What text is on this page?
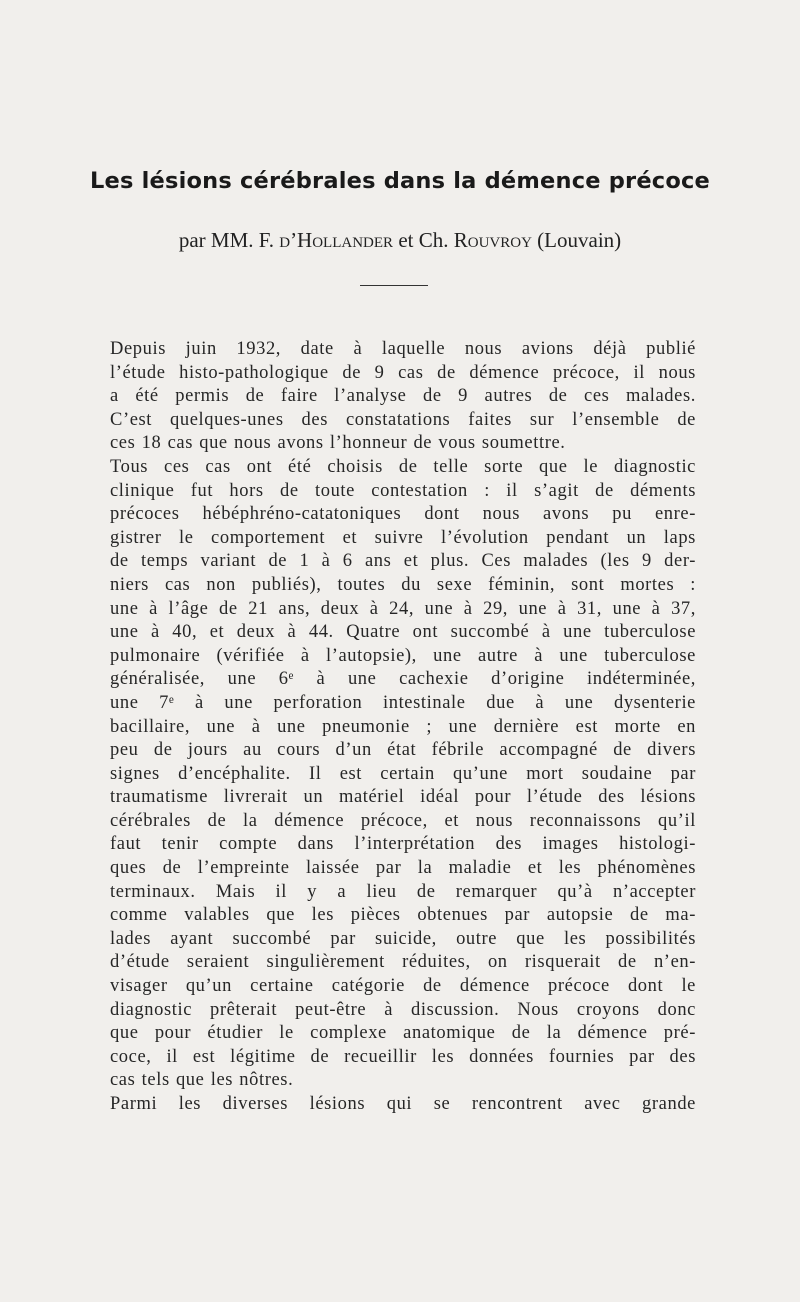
Les lésions cérébrales dans la démence précoce
par MM. F. d’Hollander et Ch. Rouvroy (Louvain)
Depuis juin 1932, date à laquelle nous avions déjà publié
l’étude histo-pathologique de 9 cas de démence précoce, il nous
a été permis de faire l’analyse de 9 autres de ces malades.
C’est quelques-unes des constatations faites sur l’ensemble de
ces 18 cas que nous avons l’honneur de vous soumettre.
Tous ces cas ont été choisis de telle sorte que le diagnostic
clinique fut hors de toute contestation : il s’agit de déments
précoces hébéphréno-catatoniques dont nous avons pu enre-
gistrer le comportement et suivre l’évolution pendant un laps
de temps variant de 1 à 6 ans et plus. Ces malades (les 9 der-
niers cas non publiés), toutes du sexe féminin, sont mortes :
une à l’âge de 21 ans, deux à 24, une à 29, une à 31, une à 37,
une à 40, et deux à 44. Quatre ont succombé à une tuberculose
pulmonaire (vérifiée à l’autopsie), une autre à une tuberculose
généralisée, une 6ᵉ à une cachexie d’origine indéterminée,
une 7ᵉ à une perforation intestinale due à une dysenterie
bacillaire, une à une pneumonie ; une dernière est morte en
peu de jours au cours d’un état fébrile accompagné de divers
signes d’encéphalite. Il est certain qu’une mort soudaine par
traumatisme livrerait un matériel idéal pour l’étude des lésions
cérébrales de la démence précoce, et nous reconnaissons qu’il
faut tenir compte dans l’interprétation des images histologi-
ques de l’empreinte laissée par la maladie et les phénomènes
terminaux. Mais il y a lieu de remarquer qu’à n’accepter
comme valables que les pièces obtenues par autopsie de ma-
lades ayant succombé par suicide, outre que les possibilités
d’étude seraient singulièrement réduites, on risquerait de n’en-
visager qu’un certaine catégorie de démence précoce dont le
diagnostic prêterait peut-être à discussion. Nous croyons donc
que pour étudier le complexe anatomique de la démence pré-
coce, il est légitime de recueillir les données fournies par des
cas tels que les nôtres.
Parmi les diverses lésions qui se rencontrent avec grande
